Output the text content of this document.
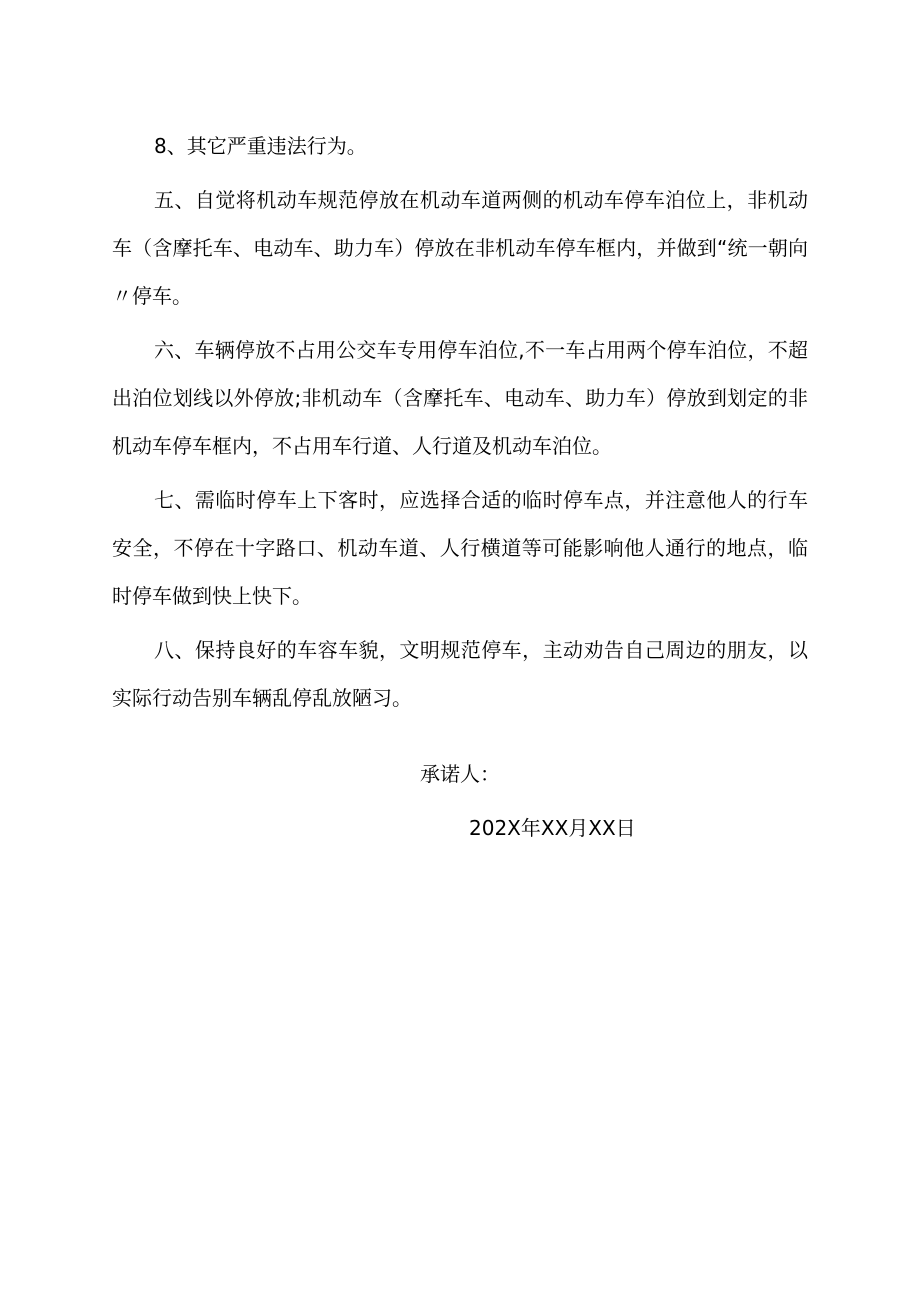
8、其它严重违法行为。

五、自觉将机动车规范停放在机动车道两侧的机动车停车泊位上，非机动车（含摩托车、电动车、助力车）停放在非机动车停车框内，并做到“统一朝向〃停车。

六、车辆停放不占用公交车专用停车泊位,不一车占用两个停车泊位，不超出泊位划线以外停放;非机动车（含摩托车、电动车、助力车）停放到划定的非机动车停车框内，不占用车行道、人行道及机动车泊位。

七、需临时停车上下客时，应选择合适的临时停车点，并注意他人的行车安全，不停在十字路口、机动车道、人行横道等可能影响他人通行的地点，临时停车做到快上快下。

八、保持良好的车容车貌，文明规范停车，主动劝告自己周边的朋友，以实际行动告别车辆乱停乱放陋习。

承诺人：
202X年XX月XX日
